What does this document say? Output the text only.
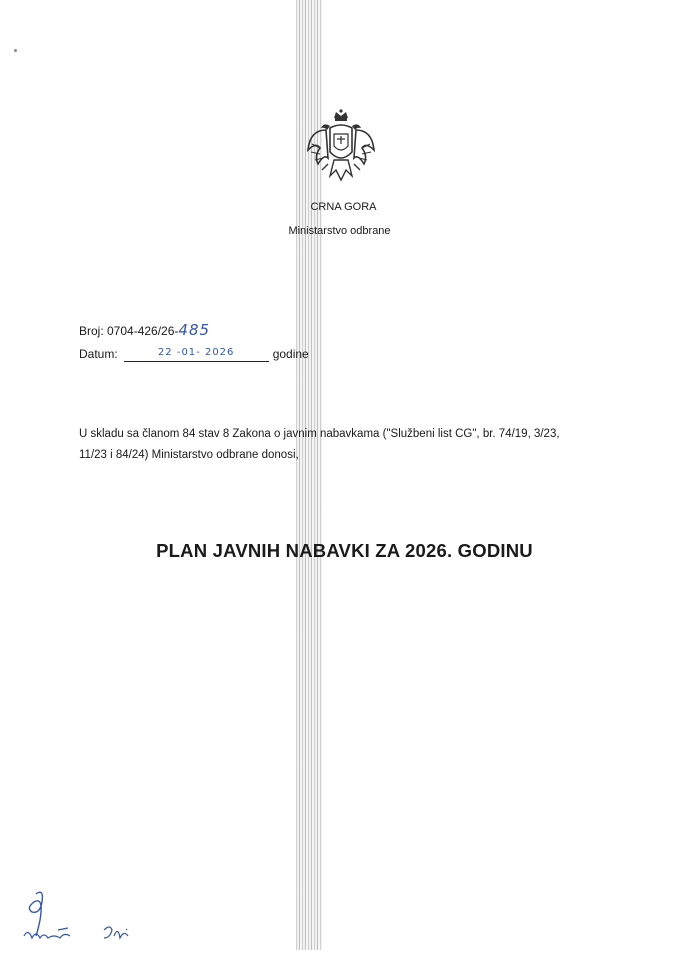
CRNA GORA
Ministarstvo odbrane
Broj: 0704-426/26-485
Datum:	$^{22 -01- 2026}$	godine
U skladu sa članom 84 stav 8 Zakona o javnim nabavkama ("Službeni list CG", br. 74/19, 3/23, 11/23 i 84/24) Ministarstvo odbrane donosi,
PLAN JAVNIH NABAVKI ZA 2026. GODINU
